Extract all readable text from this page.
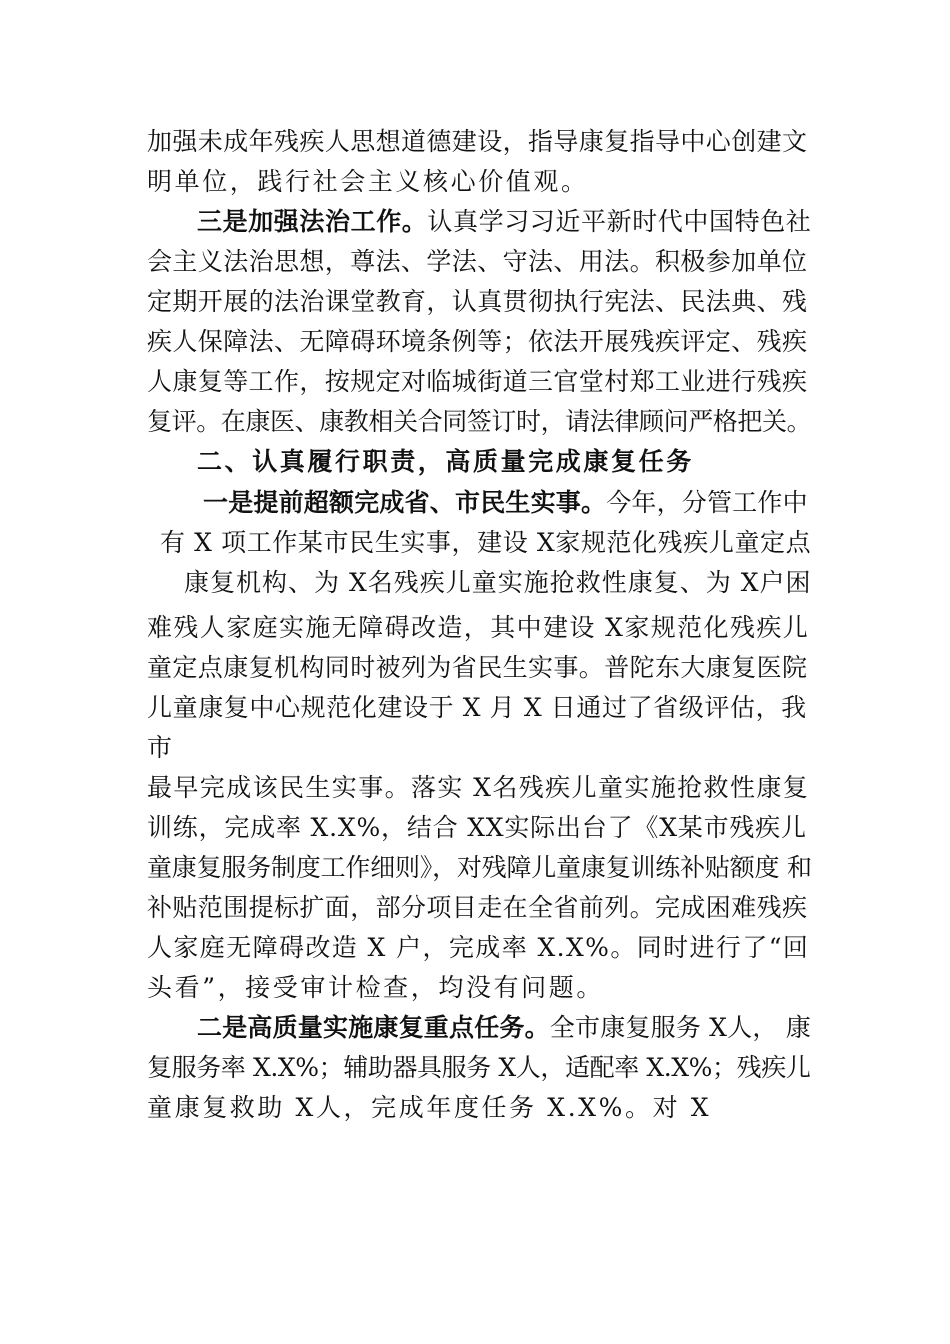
加强未成年残疾人思想道德建设，指导康复指导中心创建文
明单位，践行社会主义核心价值观。
三是加强法治工作。认真学习习近平新时代中国特色社
会主义法治思想，尊法、学法、守法、用法。积极参加单位
定期开展的法治课堂教育，认真贯彻执行宪法、民法典、残
疾人保障法、无障碍环境条例等；依法开展残疾评定、残疾
人康复等工作，按规定对临城街道三官堂村郑工业进行残疾
复评。在康医、康教相关合同签订时，请法律顾问严格把关。
二、认真履行职责，高质量完成康复任务
一是提前超额完成省、市民生实事。今年，分管工作中
有 X 项工作某市民生实事，建设 X家规范化残疾儿童定点
康复机构、为 X名残疾儿童实施抢救性康复、为 X户困
难残人家庭实施无障碍改造，其中建设 X家规范化残疾儿
童定点康复机构同时被列为省民生实事。普陀东大康复医院
儿童康复中心规范化建设于 X 月 X 日通过了省级评估，我
市
最早完成该民生实事。落实 X名残疾儿童实施抢救性康复
训练，完成率 X.X%，结合 XX实际出台了《X某市残疾儿
童康复服务制度工作细则》，对残障儿童康复训练补贴额度 和
补贴范围提标扩面，部分项目走在全省前列。完成困难残疾
人家庭无障碍改造 X 户，完成率 X.X%。同时进行了“回
头看”，接受审计检查，均没有问题。
二是高质量实施康复重点任务。全市康复服务 X人， 康
复服务率 X.X%；辅助器具服务 X人，适配率 X.X%；残疾儿
童康复救助 X人，完成年度任务 X.X%。对 X
